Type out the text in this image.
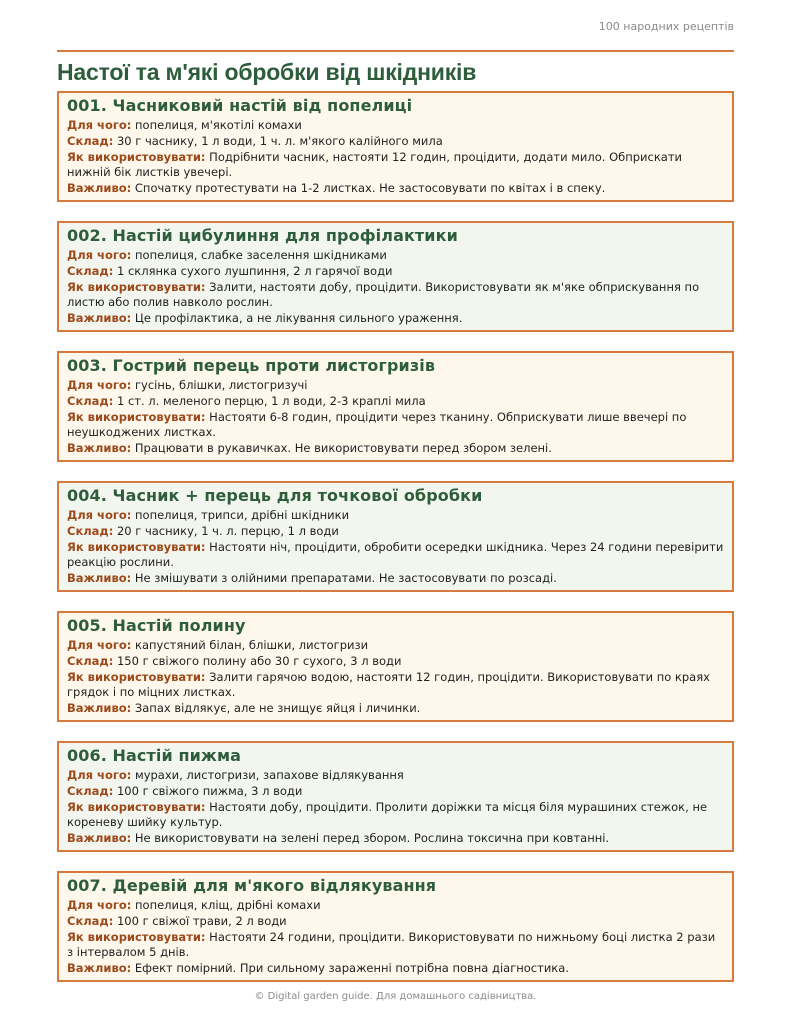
100 народних рецептів
Настої та м'які обробки від шкідників
001. Часниковий настій від попелиці
Для чого: попелиця, м'якотілі комахи
Склад: 30 г часнику, 1 л води, 1 ч. л. м'якого калійного мила
Як використовувати: Подрібнити часник, настояти 12 годин, процідити, додати мило. Обприскати нижній бік листків увечері.
Важливо: Спочатку протестувати на 1-2 листках. Не застосовувати по квітах і в спеку.
002. Настій цибулиння для профілактики
Для чого: попелиця, слабке заселення шкідниками
Склад: 1 склянка сухого лушпиння, 2 л гарячої води
Як використовувати: Залити, настояти добу, процідити. Використовувати як м'яке обприскування по листю або полив навколо рослин.
Важливо: Це профілактика, а не лікування сильного ураження.
003. Гострий перець проти листогризів
Для чого: гусінь, блішки, листогризучі
Склад: 1 ст. л. меленого перцю, 1 л води, 2-3 краплі мила
Як використовувати: Настояти 6-8 годин, процідити через тканину. Обприскувати лише ввечері по неушкоджених листках.
Важливо: Працювати в рукавичках. Не використовувати перед збором зелені.
004. Часник + перець для точкової обробки
Для чого: попелиця, трипси, дрібні шкідники
Склад: 20 г часнику, 1 ч. л. перцю, 1 л води
Як використовувати: Настояти ніч, процідити, обробити осередки шкідника. Через 24 години перевірити реакцію рослини.
Важливо: Не змішувати з олійними препаратами. Не застосовувати по розсаді.
005. Настій полину
Для чого: капустяний білан, блішки, листогризи
Склад: 150 г свіжого полину або 30 г сухого, 3 л води
Як використовувати: Залити гарячою водою, настояти 12 годин, процідити. Використовувати по краях грядок і по міцних листках.
Важливо: Запах відлякує, але не знищує яйця і личинки.
006. Настій пижма
Для чого: мурахи, листогризи, запахове відлякування
Склад: 100 г свіжого пижма, 3 л води
Як використовувати: Настояти добу, процідити. Пролити доріжки та місця біля мурашиних стежок, не кореневу шийку культур.
Важливо: Не використовувати на зелені перед збором. Рослина токсична при ковтанні.
007. Деревій для м'якого відлякування
Для чого: попелиця, кліщ, дрібні комахи
Склад: 100 г свіжої трави, 2 л води
Як використовувати: Настояти 24 години, процідити. Використовувати по нижньому боці листка 2 рази з інтервалом 5 днів.
Важливо: Ефект помірний. При сильному зараженні потрібна повна діагностика.
© Digital garden guide. Для домашнього садівництва.
